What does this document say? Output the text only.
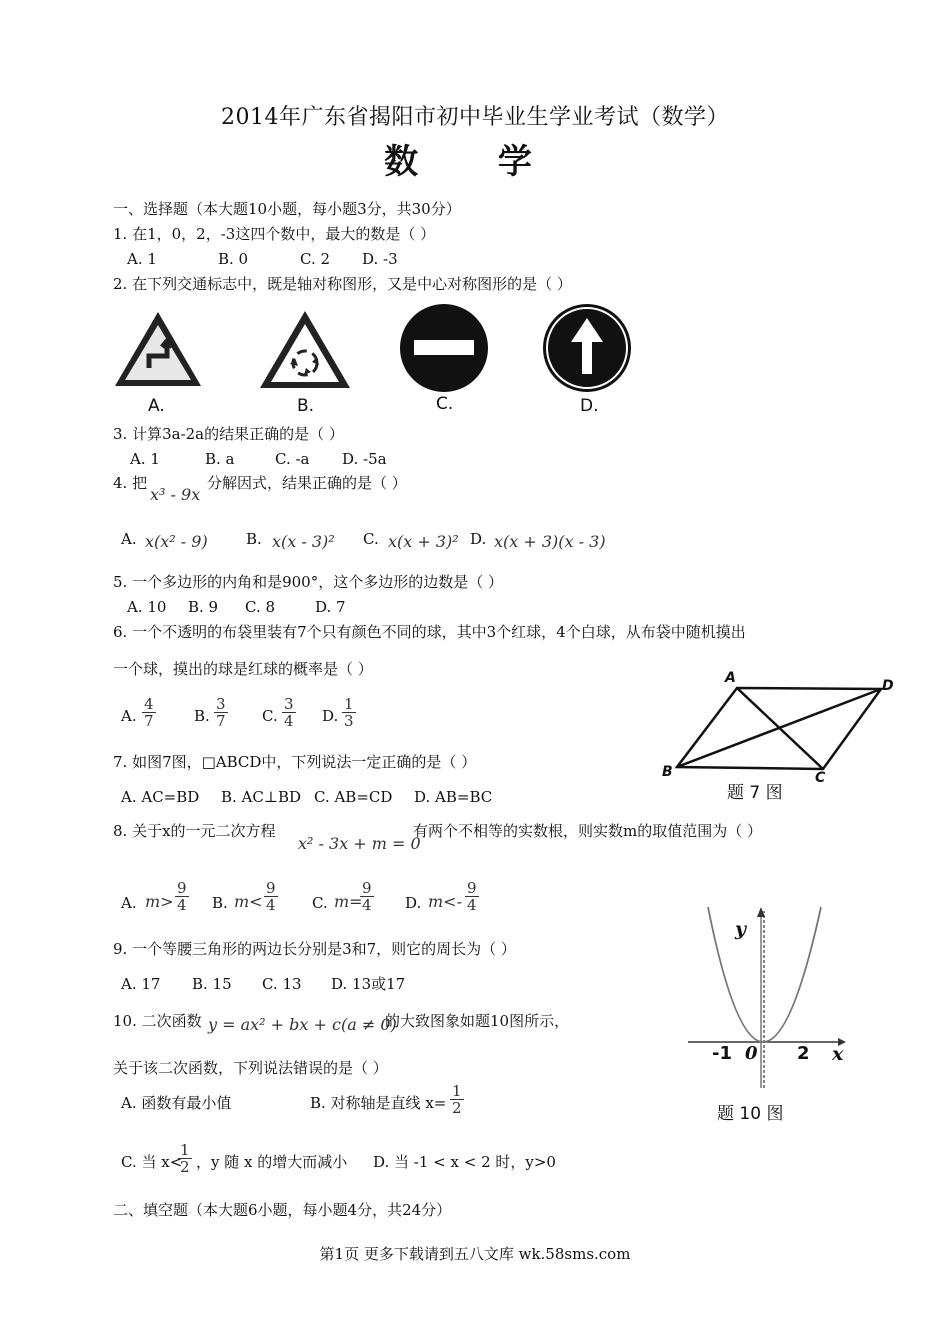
2014年广东省揭阳市初中毕业生学业考试（数学）
数 学
一、选择题（本大题10小题，每小题3分，共30分）
1. 在1，0，2，-3这四个数中，最大的数是（ ）
A. 1	B. 0	C. 2 D. -3
2. 在下列交通标志中，既是轴对称图形，又是中心对称图形的是（ ）
A.	B.	C.	D.
3. 计算3a-2a的结果正确的是（ ）
A. 1	B. a	C. -a D. -5a
4. 把
x³ - 9x
分解因式，结果正确的是（ ）
A. x(x² - 9)	B. x(x - 3)² C. x(x + 3)² D. x(x + 3)(x - 3)
5. 一个多边形的内角和是900°，这个多边形的边数是（ ）
A. 10 B. 9 C. 8	D. 7
6. 一个不透明的布袋里装有7个只有颜色不同的球，其中3个红球，4个白球，从布袋中随机摸出
一个球，摸出的球是红球的概率是（ ）
A. $\frac{4}{7}$	B. $\frac{3}{7} C$. $\frac{3}{4} D$. $\frac{1}{3}$
A	D
B	C
题 7 图
7. 如图7图，□ABCD中，下列说法一定正确的是（ ）
A. AC=BD B. AC⊥BD C. AB=CD D. AB=BC
8. 关于x的一元二次方程
x² - 3x + m = 0
有两个不相等的实数根，则实数m的取值范围为（ ）
A. $m> \frac{9}{4} B$. $m< \frac{9}{4} C$. m=
$\frac{9}{4} D$. $m<- \frac{9}{4}$
9. 一个等腰三角形的两边长分别是3和7，则它的周长为（ ）
A. 17 B. 15 C. 13 D. 13或17
y
-1 0 2 x
题 10 图
10. 二次函数 y = ax² + bx + c(a ≠ 0)
的大致图象如题10图所示，
关于该二次函数，下列说法错误的是（ ）
A. 函数有最小值	B. 对称轴是直线 $x= \frac{1}{2}$
C. 当 x<
$\frac{1}{2}$ ，y 随 x 的增大而减小 D. 当 -1 < x < 2 时，y>0
二、填空题（本大题6小题，每小题4分，共24分）
第1页 更多下载请到五八文库 wk.58sms.com
